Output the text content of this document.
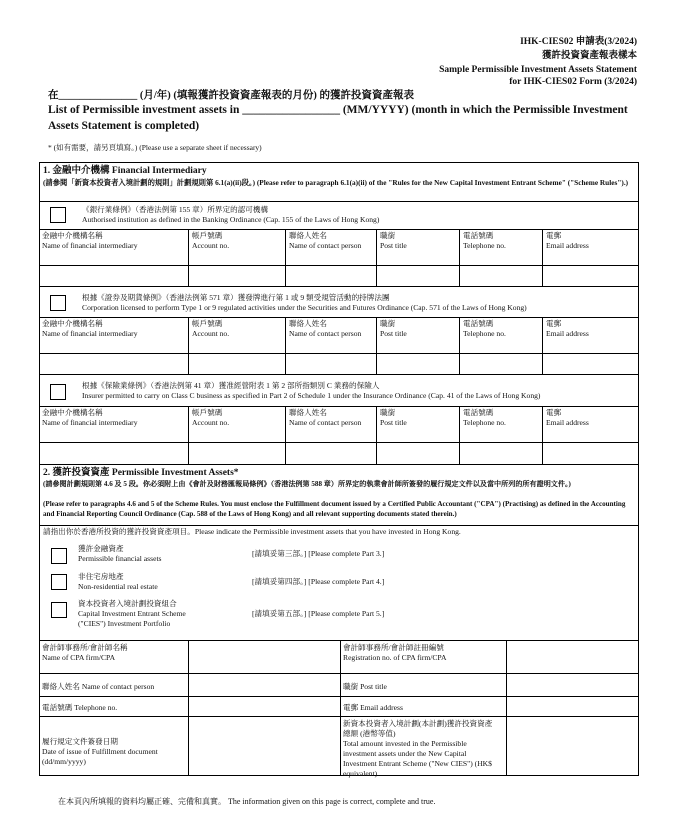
IHK-CIES02 申請表(3/2024)
獲許投資資產報表樣本
Sample Permissible Investment Assets Statement
for IHK-CIES02 Form (3/2024)
在_______________ (月/年) (填報獲許投資資產報表的月份) 的獲許投資資產報表
List of Permissible investment assets in _________________ (MM/YYYY) (month in which the Permissible Investment Assets Statement is completed)
* (如有需要，請另頁填寫。) (Please use a separate sheet if necessary)
1. 金融中介機構 Financial Intermediary
(請參閱「新資本投資者入境計劃的規則」計劃規則第 6.1(a)(ii)段。) (Please refer to paragraph 6.1(a)(ii) of the "Rules for the New Capital Investment Entrant Scheme" ("Scheme Rules").)
《銀行業條例》（香港法例第 155 章）所界定的認可機構
Authorised institution as defined in the Banking Ordinance (Cap. 155 of the Laws of Hong Kong)
金融中介機構名稱
Name of financial intermediary
帳戶號碼
Account no.
聯絡人姓名
Name of contact person
職銜
Post title
電話號碼
Telephone no.
電郵
Email address
根據《證券及期貨條例》（香港法例第 571 章）獲發牌進行第 1 或 9 類受規管活動的持牌法團
Corporation licensed to perform Type 1 or 9 regulated activities under the Securities and Futures Ordinance (Cap. 571 of the Laws of Hong Kong)
金融中介機構名稱
Name of financial intermediary
帳戶號碼
Account no.
聯絡人姓名
Name of contact person
職銜
Post title
電話號碼
Telephone no.
電郵
Email address
根據《保險業條例》（香港法例第 41 章）獲准經營附表 1 第 2 部所指類別 C 業務的保險人
Insurer permitted to carry on Class C business as specified in Part 2 of Schedule 1 under the Insurance Ordinance (Cap. 41 of the Laws of Hong Kong)
金融中介機構名稱
Name of financial intermediary
帳戶號碼
Account no.
聯絡人姓名
Name of contact person
職銜
Post title
電話號碼
Telephone no.
電郵
Email address
2. 獲許投資資產 Permissible Investment Assets*
(請參閱計劃規則第 4.6 及 5 段。你必須附上由《會計及財務匯報局條例》（香港法例第 588 章）所界定的執業會計師所簽發的履行規定文件以及當中所列的所有證明文件。)
(Please refer to paragraphs 4.6 and 5 of the Scheme Rules. You must enclose the Fulfillment document issued by a Certified Public Accountant ("CPA") (Practising) as defined in the Accounting and Financial Reporting Council Ordinance (Cap. 588 of the Laws of Hong Kong) and all relevant supporting documents stated therein.)
請指出你於香港所投資的獲許投資資產項目。Please indicate the Permissible investment assets that you have invested in Hong Kong.
獲許金融資產
Permissible financial assets
[請填妥第三部。] [Please complete Part 3.]
非住宅房地產
Non-residential real estate
[請填妥第四部。] [Please complete Part 4.]
資本投資者入境計劃投資組合
Capital Investment Entrant Scheme ("CIES") Investment Portfolio
[請填妥第五部。] [Please complete Part 5.]
會計師事務所/會計師名稱
Name of CPA firm/CPA
會計師事務所/會計師註冊編號
Registration no. of CPA firm/CPA
聯絡人姓名 Name of contact person	職銜 Post title
電話號碼 Telephone no.	電郵 Email address
履行規定文件簽發日期
Date of issue of Fulfillment document (dd/mm/yyyy)
新資本投資者入境計劃(本計劃)獲許投資資產總額 (港幣等值)
Total amount invested in the Permissible investment assets under the New Capital Investment Entrant Scheme ("New CIES") (HK$ equivalent)
在本頁內所填報的資料均屬正確、完備和真實。 The information given on this page is correct, complete and true.
